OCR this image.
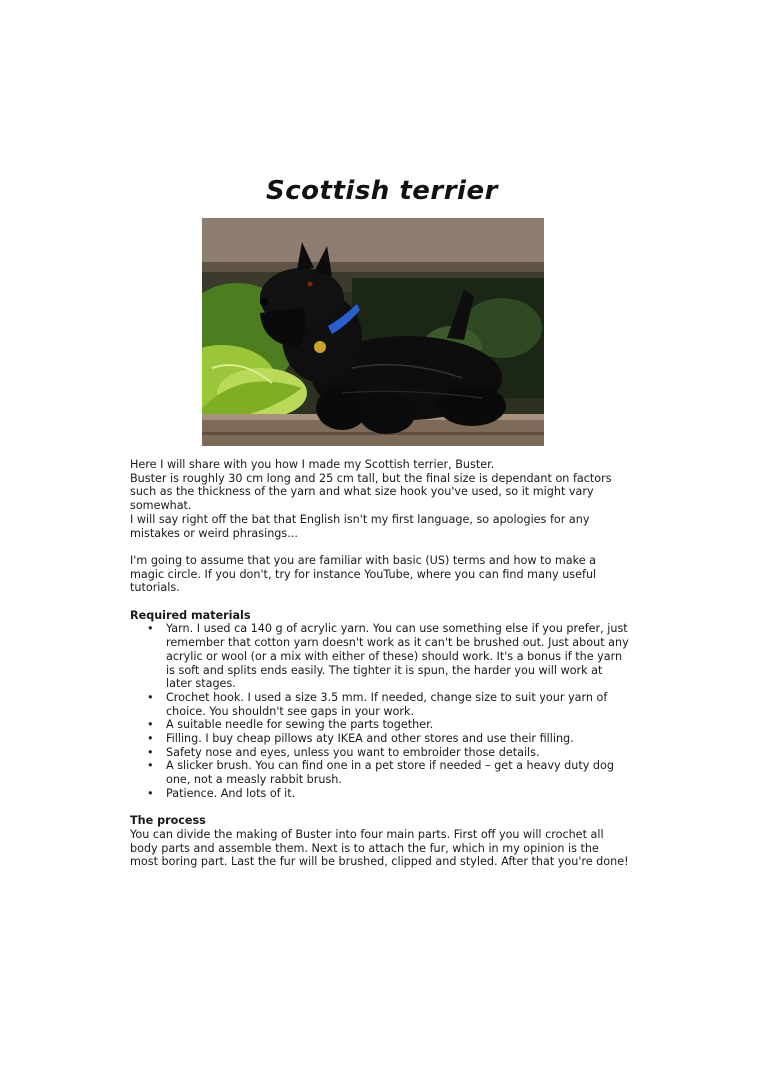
Scottish terrier

Here I will share with you how I made my Scottish terrier, Buster.

Buster is roughly 30 cm long and 25 cm tall, but the final size is dependant on factors such as the thickness of the yarn and what size hook you've used, so it might vary somewhat.

I will say right off the bat that English isn't my first language, so apologies for any mistakes or weird phrasings...

I'm going to assume that you are familiar with basic (US) terms and how to make a magic circle. If you don't, try for instance YouTube, where you can find many useful tutorials.

Required materials

• Yarn. I used ca 140 g of acrylic yarn. You can use something else if you prefer, just remember that cotton yarn doesn't work as it can't be brushed out. Just about any acrylic or wool (or a mix with either of these) should work. It's a bonus if the yarn is soft and splits ends easily. The tighter it is spun, the harder you will work at later stages.
• Crochet hook. I used a size 3.5 mm. If needed, change size to suit your yarn of choice. You shouldn't see gaps in your work.
• A suitable needle for sewing the parts together.
• Filling. I buy cheap pillows aty IKEA and other stores and use their filling.
• Safety nose and eyes, unless you want to embroider those details.
• A slicker brush. You can find one in a pet store if needed – get a heavy duty dog one, not a measly rabbit brush.
• Patience. And lots of it.

The process

You can divide the making of Buster into four main parts. First off you will crochet all body parts and assemble them. Next is to attach the fur, which in my opinion is the most boring part. Last the fur will be brushed, clipped and styled. After that you're done!
